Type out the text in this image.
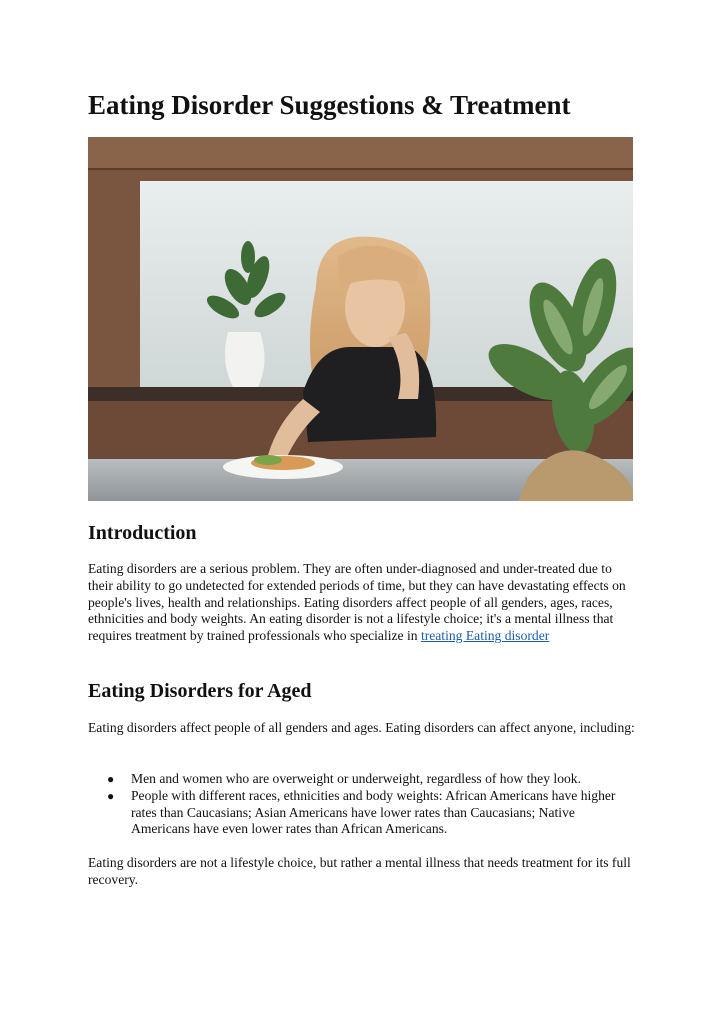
Eating Disorder Suggestions & Treatment
Introduction

Eating disorders are a serious problem. They are often under-diagnosed and under-treated due to their ability to go undetected for extended periods of time, but they can have devastating effects on people's lives, health and relationships. Eating disorders affect people of all genders, ages, races, ethnicities and body weights. An eating disorder is not a lifestyle choice; it's a mental illness that requires treatment by trained professionals who specialize in treating Eating disorder

Eating Disorders for Aged

Eating disorders affect people of all genders and ages. Eating disorders can affect anyone, including:

● Men and women who are overweight or underweight, regardless of how they look.
● People with different races, ethnicities and body weights: African Americans have higher rates than Caucasians; Asian Americans have lower rates than Caucasians; Native Americans have even lower rates than African Americans.

Eating disorders are not a lifestyle choice, but rather a mental illness that needs treatment for its full recovery.
